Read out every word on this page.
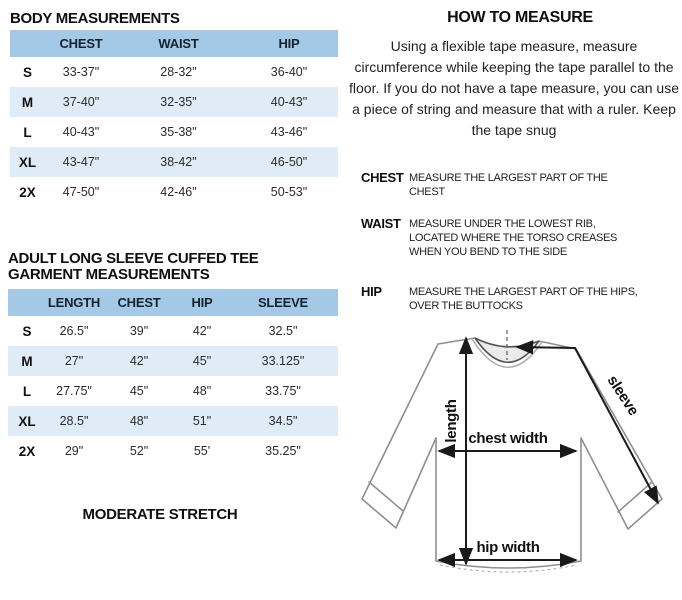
BODY MEASUREMENTS
	CHEST	WAIST	HIP
S	33-37"	28-32"	36-40"
M	37-40"	32-35"	40-43"
L	40-43"	35-38"	43-46"
XL	43-47"	38-42"	46-50"
2X	47-50"	42-46"	50-53"
ADULT LONG SLEEVE CUFFED TEE
GARMENT MEASUREMENTS
	LENGTH	CHEST	HIP	SLEEVE
S	26.5"	39"	42"	32.5"
M	27"	42"	45"	33.125"
L	27.75"	45"	48"	33.75"
XL	28.5"	48"	51"	34.5"
2X	29"	52"	55'	35.25"
MODERATE STRETCH
HOW TO MEASURE
Using a flexible tape measure, measure circumference while keeping the tape parallel to the floor. If you do not have a tape measure, you can use a piece of string and measure that with a ruler. Keep the tape snug
CHEST MEASURE THE LARGEST PART OF THE CHEST
WAIST MEASURE UNDER THE LOWEST RIB, LOCATED WHERE THE TORSO CREASES WHEN YOU BEND TO THE SIDE
HIP	MEASURE THE LARGEST PART OF THE HIPS, OVER THE BUTTOCKS
length chest width
sleeve
hip width
